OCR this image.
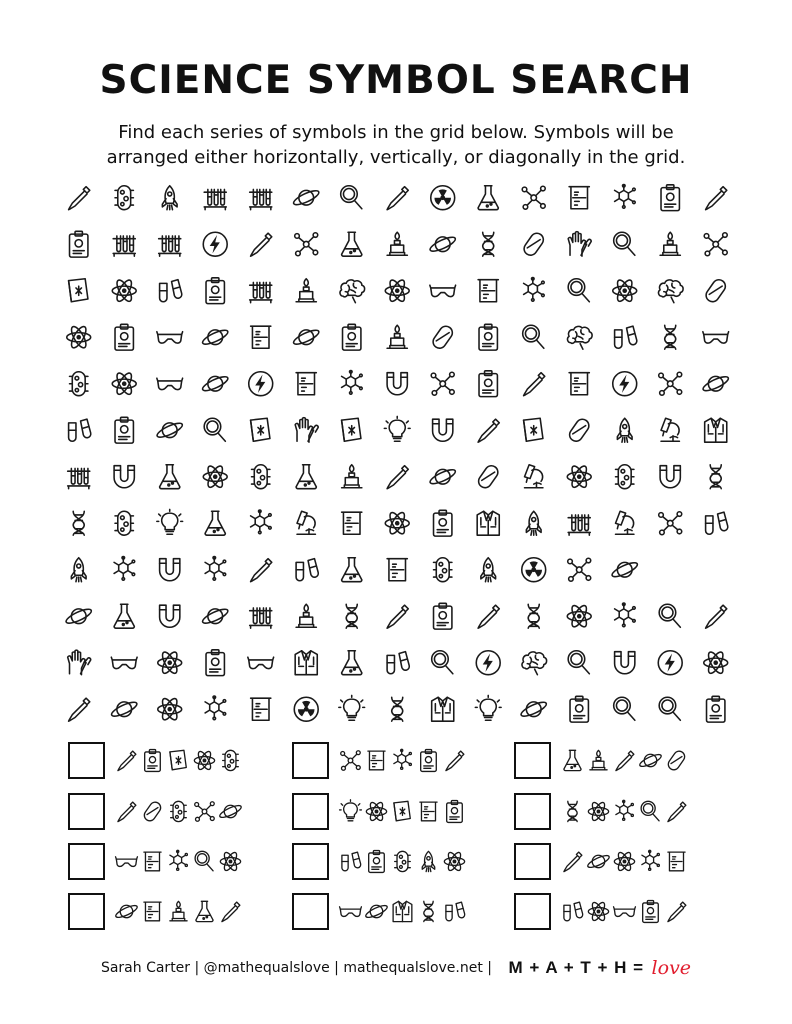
SCIENCE SYMBOL SEARCH
Find each series of symbols in the grid below. Symbols will be
arranged either horizontally, vertically, or diagonally in the grid.
Sarah Carter | @mathequalslove | mathequalslove.net | M + A + T + H = love
